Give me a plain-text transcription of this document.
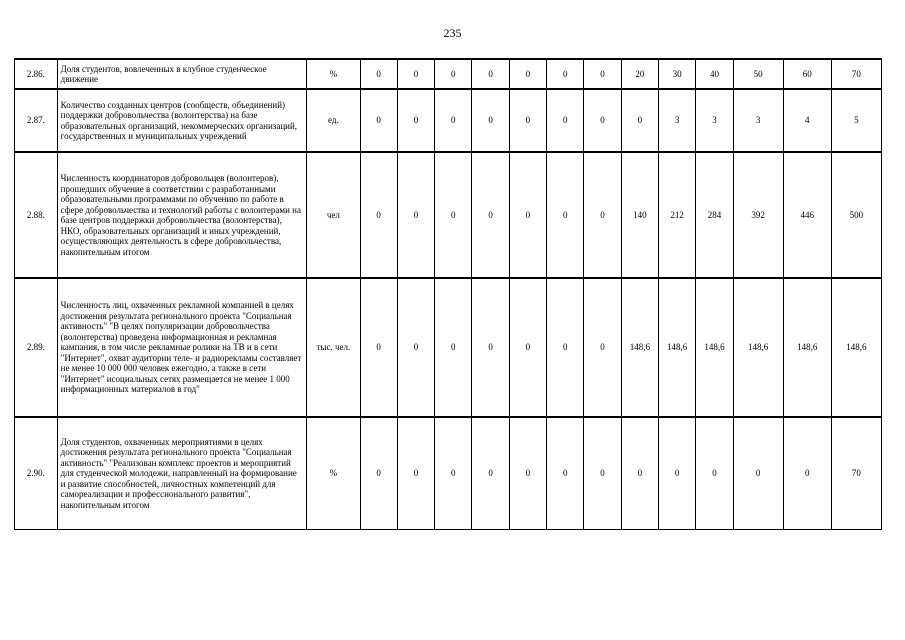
235
2.86.	Доля студентов, вовлеченных в клубное студенческое движение	%	0	0	0	0	0	0	0	20	30	40	50	60	70
2.87.	Количество созданных центров (сообществ, объединений) поддержки добровольчества (волонтерства) на базе образовательных организаций, некоммерческих организаций, государственных и муниципальных учреждений	ед.	0	0	0	0	0	0	0	0	3	3	3	4	5
2.88.	Численность координаторов добровольцев (волонтеров), прошедших обучение в соответствии с разработанными образовательными программами по обучению по работе в сфере добровольчества и технологий работы с волонтерами на базе центров поддержки добровольчества (волонтерства), НКО, образовательных организаций и иных учреждений, осуществляющих деятельность в сфере добровольчества, накопительным итогом	чел	0	0	0	0	0	0	0	140	212	284	392	446	500
2.89.	Численность лиц, охваченных рекламной компанией в целях достижения результата регионального проекта "Социальная активность" "В целях популяризации добровольчества (волонтерства) проведена информационная и рекламная кампания, в том числе рекламные ролики на ТВ и в сети "Интернет", охват аудитории теле- и радиорекламы составляет не менее 10 000 000 человек ежегодно, а также в сети "Интернет" исоциальных сетях размещается не менее 1 000 информационных материалов в год"	тыс. чел.	0	0	0	0	0	0	0	148,6	148,6	148,6	148,6	148,6	148,6
2.90.	Доля студентов, охваченных мероприятиями в целях достижения результата регионального проекта "Социальная активность" "Реализован комплекс проектов и мероприятий для студенческой молодежи, направленный на формирование и развитие способностей, личностных компетенций для самореализации и профессионального развития", накопительным итогом	%	0	0	0	0	0	0	0	0	0	0	0	0	70
